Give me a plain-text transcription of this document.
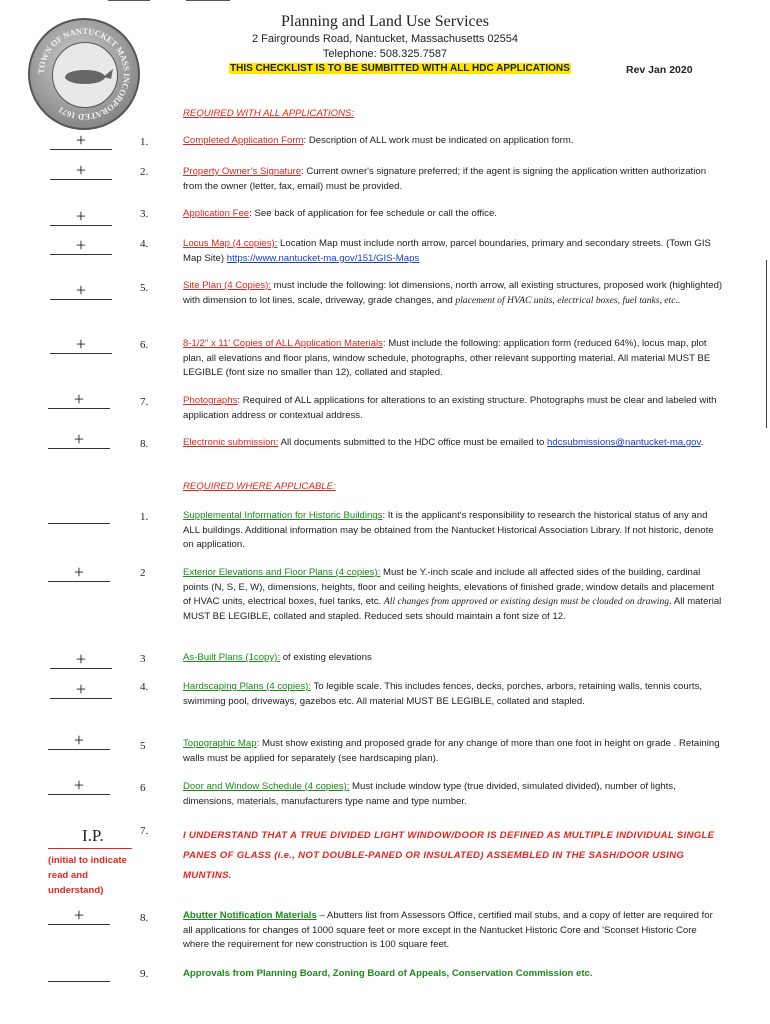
TOWN OF NANTUCKET MASS INCORPORATED 1671
Planning and Land Use Services
2 Fairgrounds Road, Nantucket, Massachusetts 02554
Telephone: 508.325.7587
THIS CHECKLIST IS TO BE SUMBITTED WITH ALL HDC APPLICATIONS	Rev Jan 2020
REQUIRED WITH ALL APPLICATIONS:
+	1.	Completed Application Form: Description of ALL work must be indicated on application form.
+	2.	Property Owner’s Signature: Current owner's signature preferred; if the agent is signing the application written authorization from the owner (letter, fax, email) must be provided.
+	3.	Application Fee: See back of application for fee schedule or call the office.
+	4.	Locus Map (4 copies): Location Map must include north arrow, parcel boundaries, primary and secondary streets. (Town GIS Map Site) https://www.nantucket-ma.gov/151/GIS-Maps
+	5.	Site Plan (4 Copies): must include the following: lot dimensions, north arrow, all existing structures, proposed work (highlighted) with dimension to lot lines, scale, driveway, grade changes, and placement of HVAC units, electrical boxes, fuel tanks, etc..
+	6.	8-1/2" x 11' Copies of ALL Application Materials: Must include the following: application form (reduced 64%), locus map, plot plan, all elevations and floor plans, window schedule, photographs, other relevant supporting material. All material MUST BE LEGIBLE (font size no smaller than 12), collated and stapled.
+	7.	Photographs: Required of ALL applications for alterations to an existing structure. Photographs must be clear and labeled with application address or contextual address.
+	8.	Electronic submission: All documents submitted to the HDC office must be emailed to hdcsubmissions@nantucket-ma.gov.
REQUIRED WHERE APPLICABLE:
1.	Supplemental Information for Historic Buildings: It is the applicant's responsibility to research the historical status of any and ALL buildings. Additional information may be obtained from the Nantucket Historical Association Library. If not historic, denote on application.
+	2	Exterior Elevations and Floor Plans (4 copies): Must be Y.-inch scale and include all affected sides of the building, cardinal points (N, S, E, W), dimensions, heights, floor and ceiling heights, elevations of finished grade, window details and placement of HVAC units, electrical boxes, fuel tanks, etc. All changes from approved or existing design must be clouded on drawing. All material MUST BE LEGIBLE, collated and stapled. Reduced sets should maintain a font size of 12.
+	3	As-Built Plans (1copy): of existing elevations
+	4.	Hardscaping Plans (4 copies): To legible scale. This includes fences, decks, porches, arbors, retaining walls, tennis courts, swimming pool, driveways, gazebos etc. All material MUST BE LEGIBLE, collated and stapled.
+	5	Topographic Map: Must show existing and proposed grade for any change of more than one foot in height on grade . Retaining walls must be applied for separately (see hardscaping plan).
+	6	Door and Window Schedule (4 copies): Must include window type (true divided, simulated divided), number of lights, dimensions, materials, manufacturers type name and type number.
I.P.
(initial to indicate read and understand)
7.	I UNDERSTAND THAT A TRUE DIVIDED LIGHT WINDOW/DOOR IS DEFINED AS MULTIPLE INDIVIDUAL SINGLE PANES OF GLASS (i.e., NOT DOUBLE-PANED OR INSULATED) ASSEMBLED IN THE SASH/DOOR USING MUNTINS.
+	8.	Abutter Notification Materials – Abutters list from Assessors Office, certified mail stubs, and a copy of letter are required for all applications for changes of 1000 square feet or more except in the Nantucket Historic Core and 'Sconset Historic Core where the requirement for new construction is 100 square feet.
9.	Approvals from Planning Board, Zoning Board of Appeals, Conservation Commission etc.
